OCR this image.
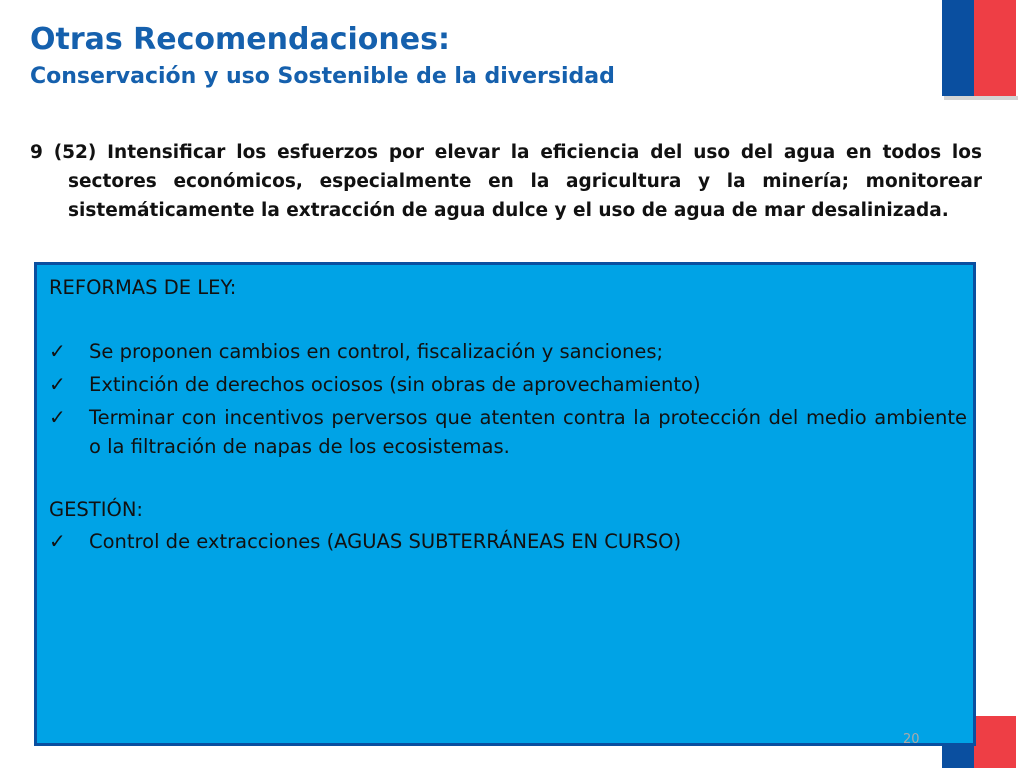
Otras Recomendaciones:
Conservación y uso Sostenible de la diversidad

9 (52) Intensificar los esfuerzos por elevar la eficiencia del uso del agua en todos los sectores económicos, especialmente en la agricultura y la minería; monitorear sistemáticamente la extracción de agua dulce y el uso de agua de mar desalinizada.

REFORMAS DE LEY:
✓ Se proponen cambios en control, fiscalización y sanciones;
✓ Extinción de derechos ociosos (sin obras de aprovechamiento)
✓ Terminar con incentivos perversos que atenten contra la protección del medio ambiente o la filtración de napas de los ecosistemas.
GESTIÓN:
✓ Control de extracciones (AGUAS SUBTERRÁNEAS EN CURSO)
20
